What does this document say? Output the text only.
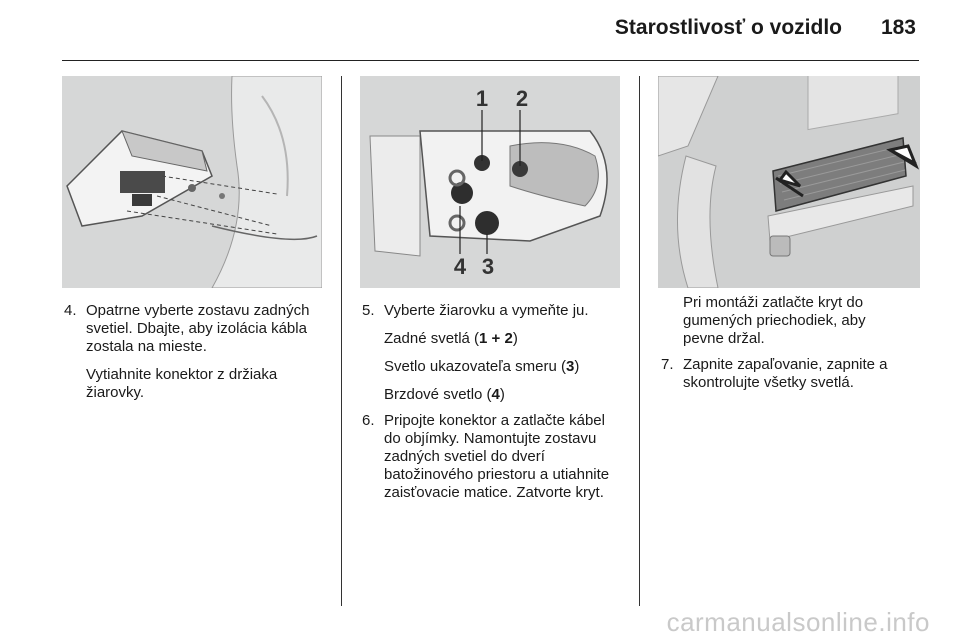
Starostlivosť o vozidlo 183
1 2
4 3
4. Opatrne vyberte zostavu zadných svetiel. Dbajte, aby izolácia kábla zostala na mieste.
Vytiahnite konektor z držiaka žiarovky.
5. Vyberte žiarovku a vymeňte ju.
Zadné svetlá (1 + 2)
Svetlo ukazovateľa smeru (3)
Brzdové svetlo (4)
6. Pripojte konektor a zatlačte kábel do objímky. Namontujte zostavu zadných svetiel do dverí batožinového priestoru a utiahnite zaisťovacie matice. Zatvorte kryt.
Pri montáži zatlačte kryt do gumených priechodiek, aby pevne držal.
7. Zapnite zapaľovanie, zapnite a skontrolujte všetky svetlá.
carmanualsonline.info
